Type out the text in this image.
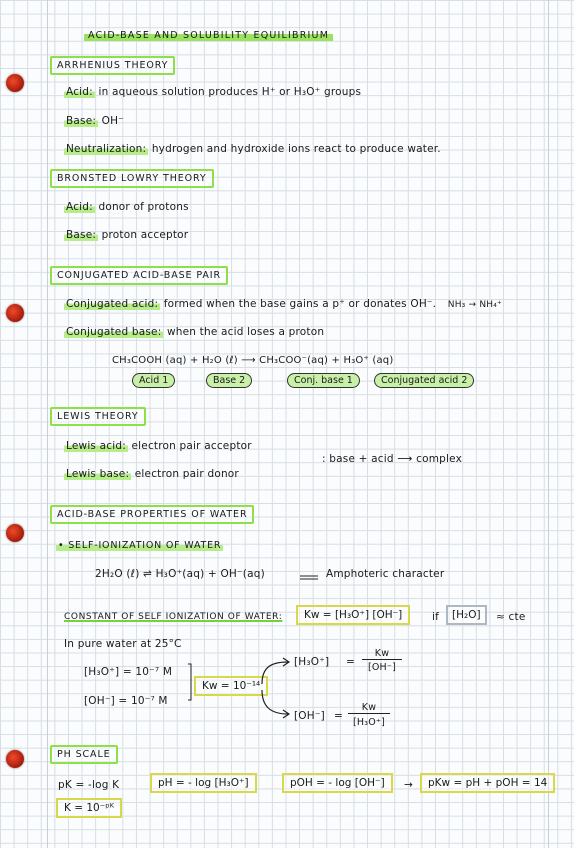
ACID-BASE AND SOLUBILITY EQUILIBRIUM
ARRHENIUS THEORY
Acid: in aqueous solution produces H⁺ or H₃O⁺ groups
Base: OH⁻
Neutralization: hydrogen and hydroxide ions react to produce water.
BRONSTED LOWRY THEORY
Acid: donor of protons
Base: proton acceptor
CONJUGATED ACID-BASE PAIR
Conjugated acid: formed when the base gains a p⁺ or donates OH⁻. NH₃ → NH₄⁺
Conjugated base: when the acid loses a proton
CH₃COOH (aq) + H₂O (ℓ) ⟶ CH₃COO⁻(aq) + H₃O⁺ (aq)
Acid 1	Base 2	Conj. base 1	Conjugated acid 2
LEWIS THEORY
Lewis acid: electron pair acceptor
Lewis base: electron pair donor
: base + acid ⟶ complex
ACID-BASE PROPERTIES OF WATER
• SELF-IONIZATION OF WATER
2H₂O (ℓ) ⇌ H₃O⁺(aq) + OH⁻(aq)	Amphoteric character
CONSTANT OF SELF IONIZATION OF WATER:	Kw = [H₃O⁺] [OH⁻]	if	[H₂O]	≈ cte
In pure water at 25°C
[H₃O⁺] = 10⁻⁷ M
[OH⁻] = 10⁻⁷ M
Kw = 10⁻¹⁴
[H₃O⁺] =
Kw
[OH⁻]
[OH⁻] =
Kw
[H₃O⁺]
PH SCALE
pK = -log K	pH = - log [H₃O⁺]	pOH = - log [OH⁻]	→	pKw = pH + pOH = 14
K = 10⁻ᵖᴷ
